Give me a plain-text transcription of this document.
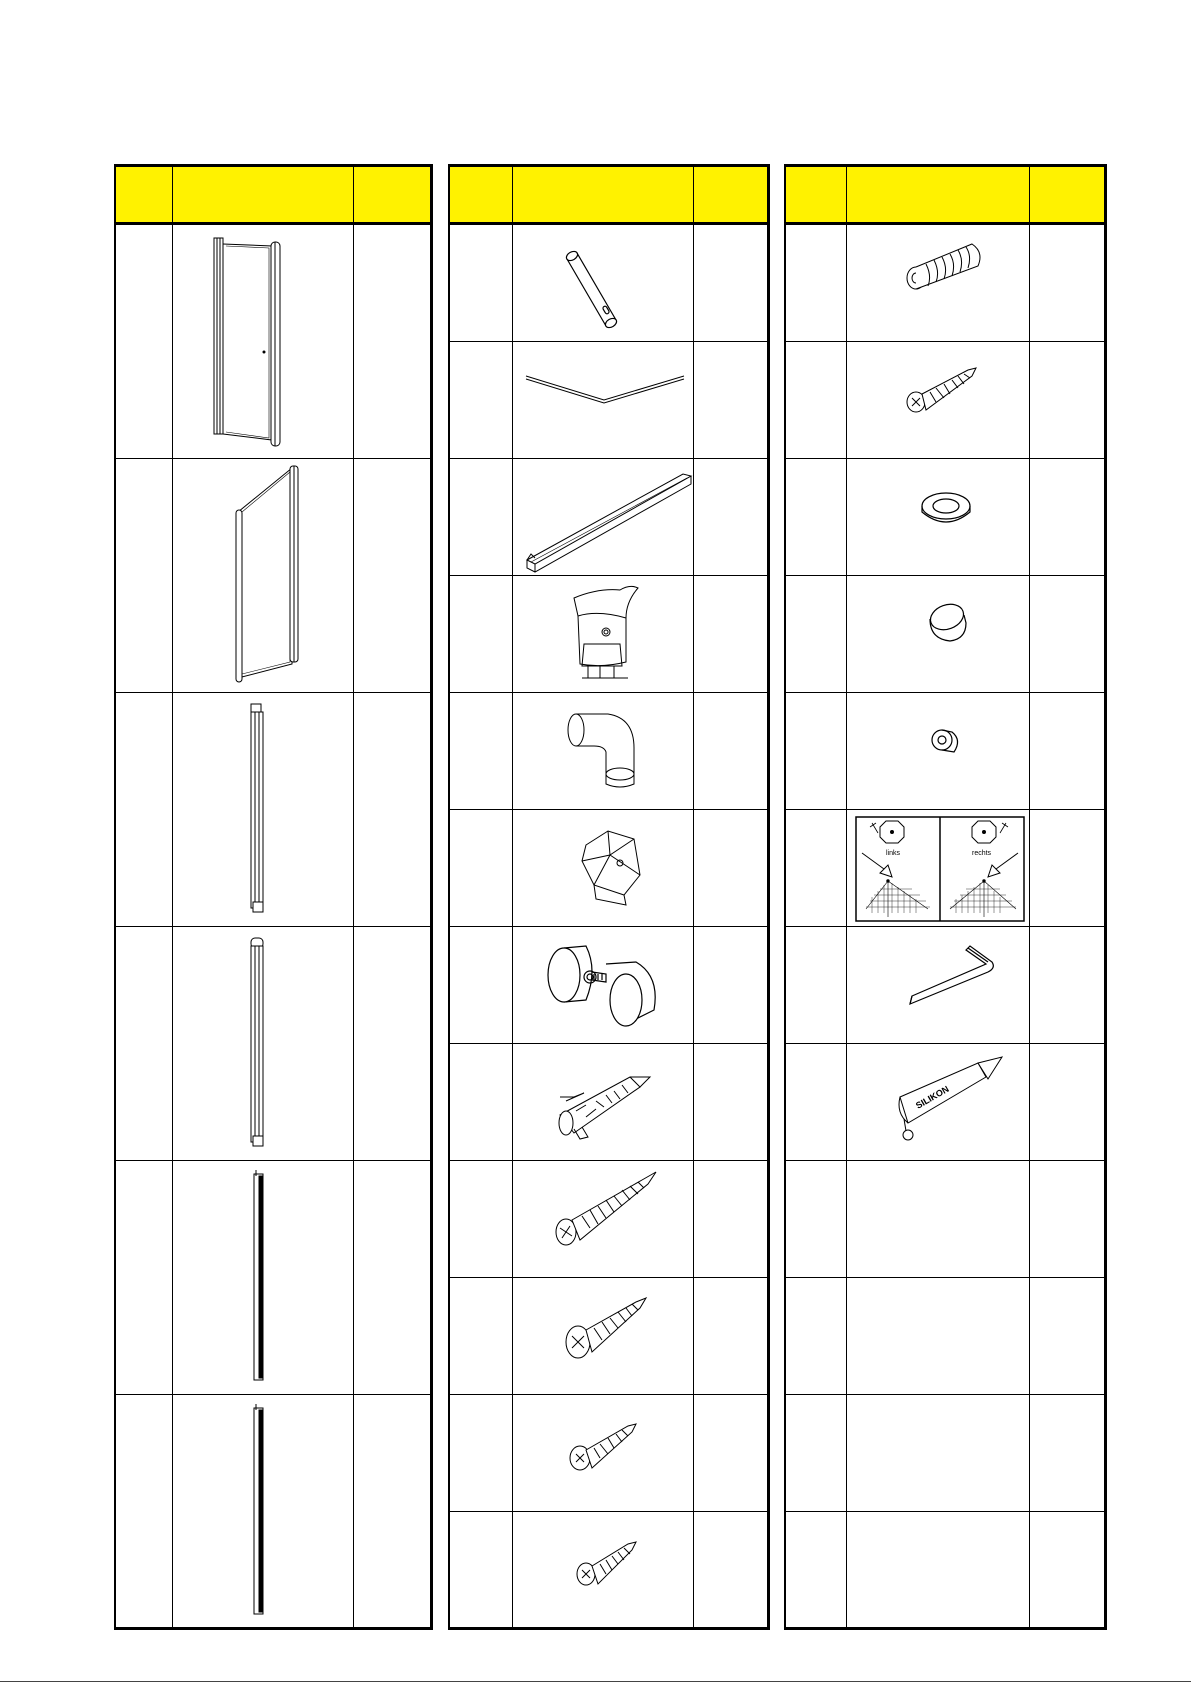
links	rechts
SILIKON
